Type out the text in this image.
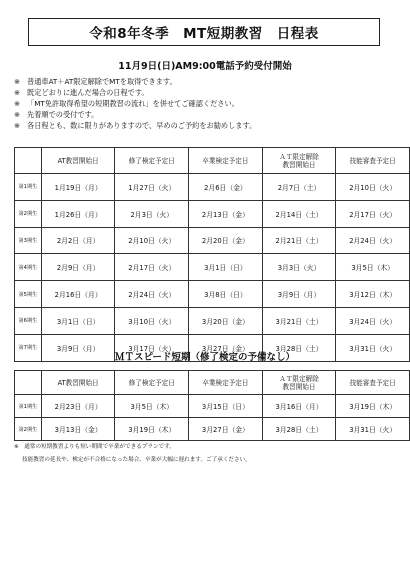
令和8年冬季　MT短期教習　日程表
11月9日(日)AM9:00電話予約受付開始
※ 普通車AT＋AT限定解除でMTを取得できます。
※ 既定どおりに進んだ場合の日程です。
※ 「MT免許取得希望の短期教習の流れ」を併せてご確認ください。
※ 先着順での受付です。
※ 各日程とも、数に限りがありますので、早めのご予約をお勧めします。
	AT教習開始日	修了検定予定日	卒業検定予定日	ＡＴ限定解除
教習開始日	技能審査予定日
第1期生	1月19日（月）	1月27日（火）	2月6日（金）	2月7日（土）	2月10日（火）
第2期生	1月26日（月）	2月3日（火）	2月13日（金）	2月14日（土）	2月17日（火）
第3期生	2月2日（月）	2月10日（火）	2月20日（金）	2月21日（土）	2月24日（火）
第4期生	2月9日（月）	2月17日（火）	3月1日（日）	3月3日（火）	3月5日（木）
第5期生	2月16日（月）	2月24日（火）	3月8日（日）	3月9日（月）	3月12日（木）
第6期生	3月1日（日）	3月10日（火）	3月20日（金）	3月21日（土）	3月24日（火）
第7期生	3月9日（月）	3月17日（火）	3月27日（金）	3月28日（土）	3月31日（火）
ＭＴスピード短期（修了検定の予備なし）
	AT教習開始日	修了検定予定日	卒業検定予定日	ＡＴ限定解除
教習開始日	技能審査予定日
第1期生	2月23日（月）	3月5日（木）	3月15日（日）	3月16日（月）	3月19日（木）
第2期生	3月13日（金）	3月19日（木）	3月27日（金）	3月28日（土）	3月31日（火）
※　通常の短期教習よりも短い期間で卒業ができるプランです。
技能教習の延長や、検定が不合格になった場合、卒業が大幅に遅れます。ご了承ください。
